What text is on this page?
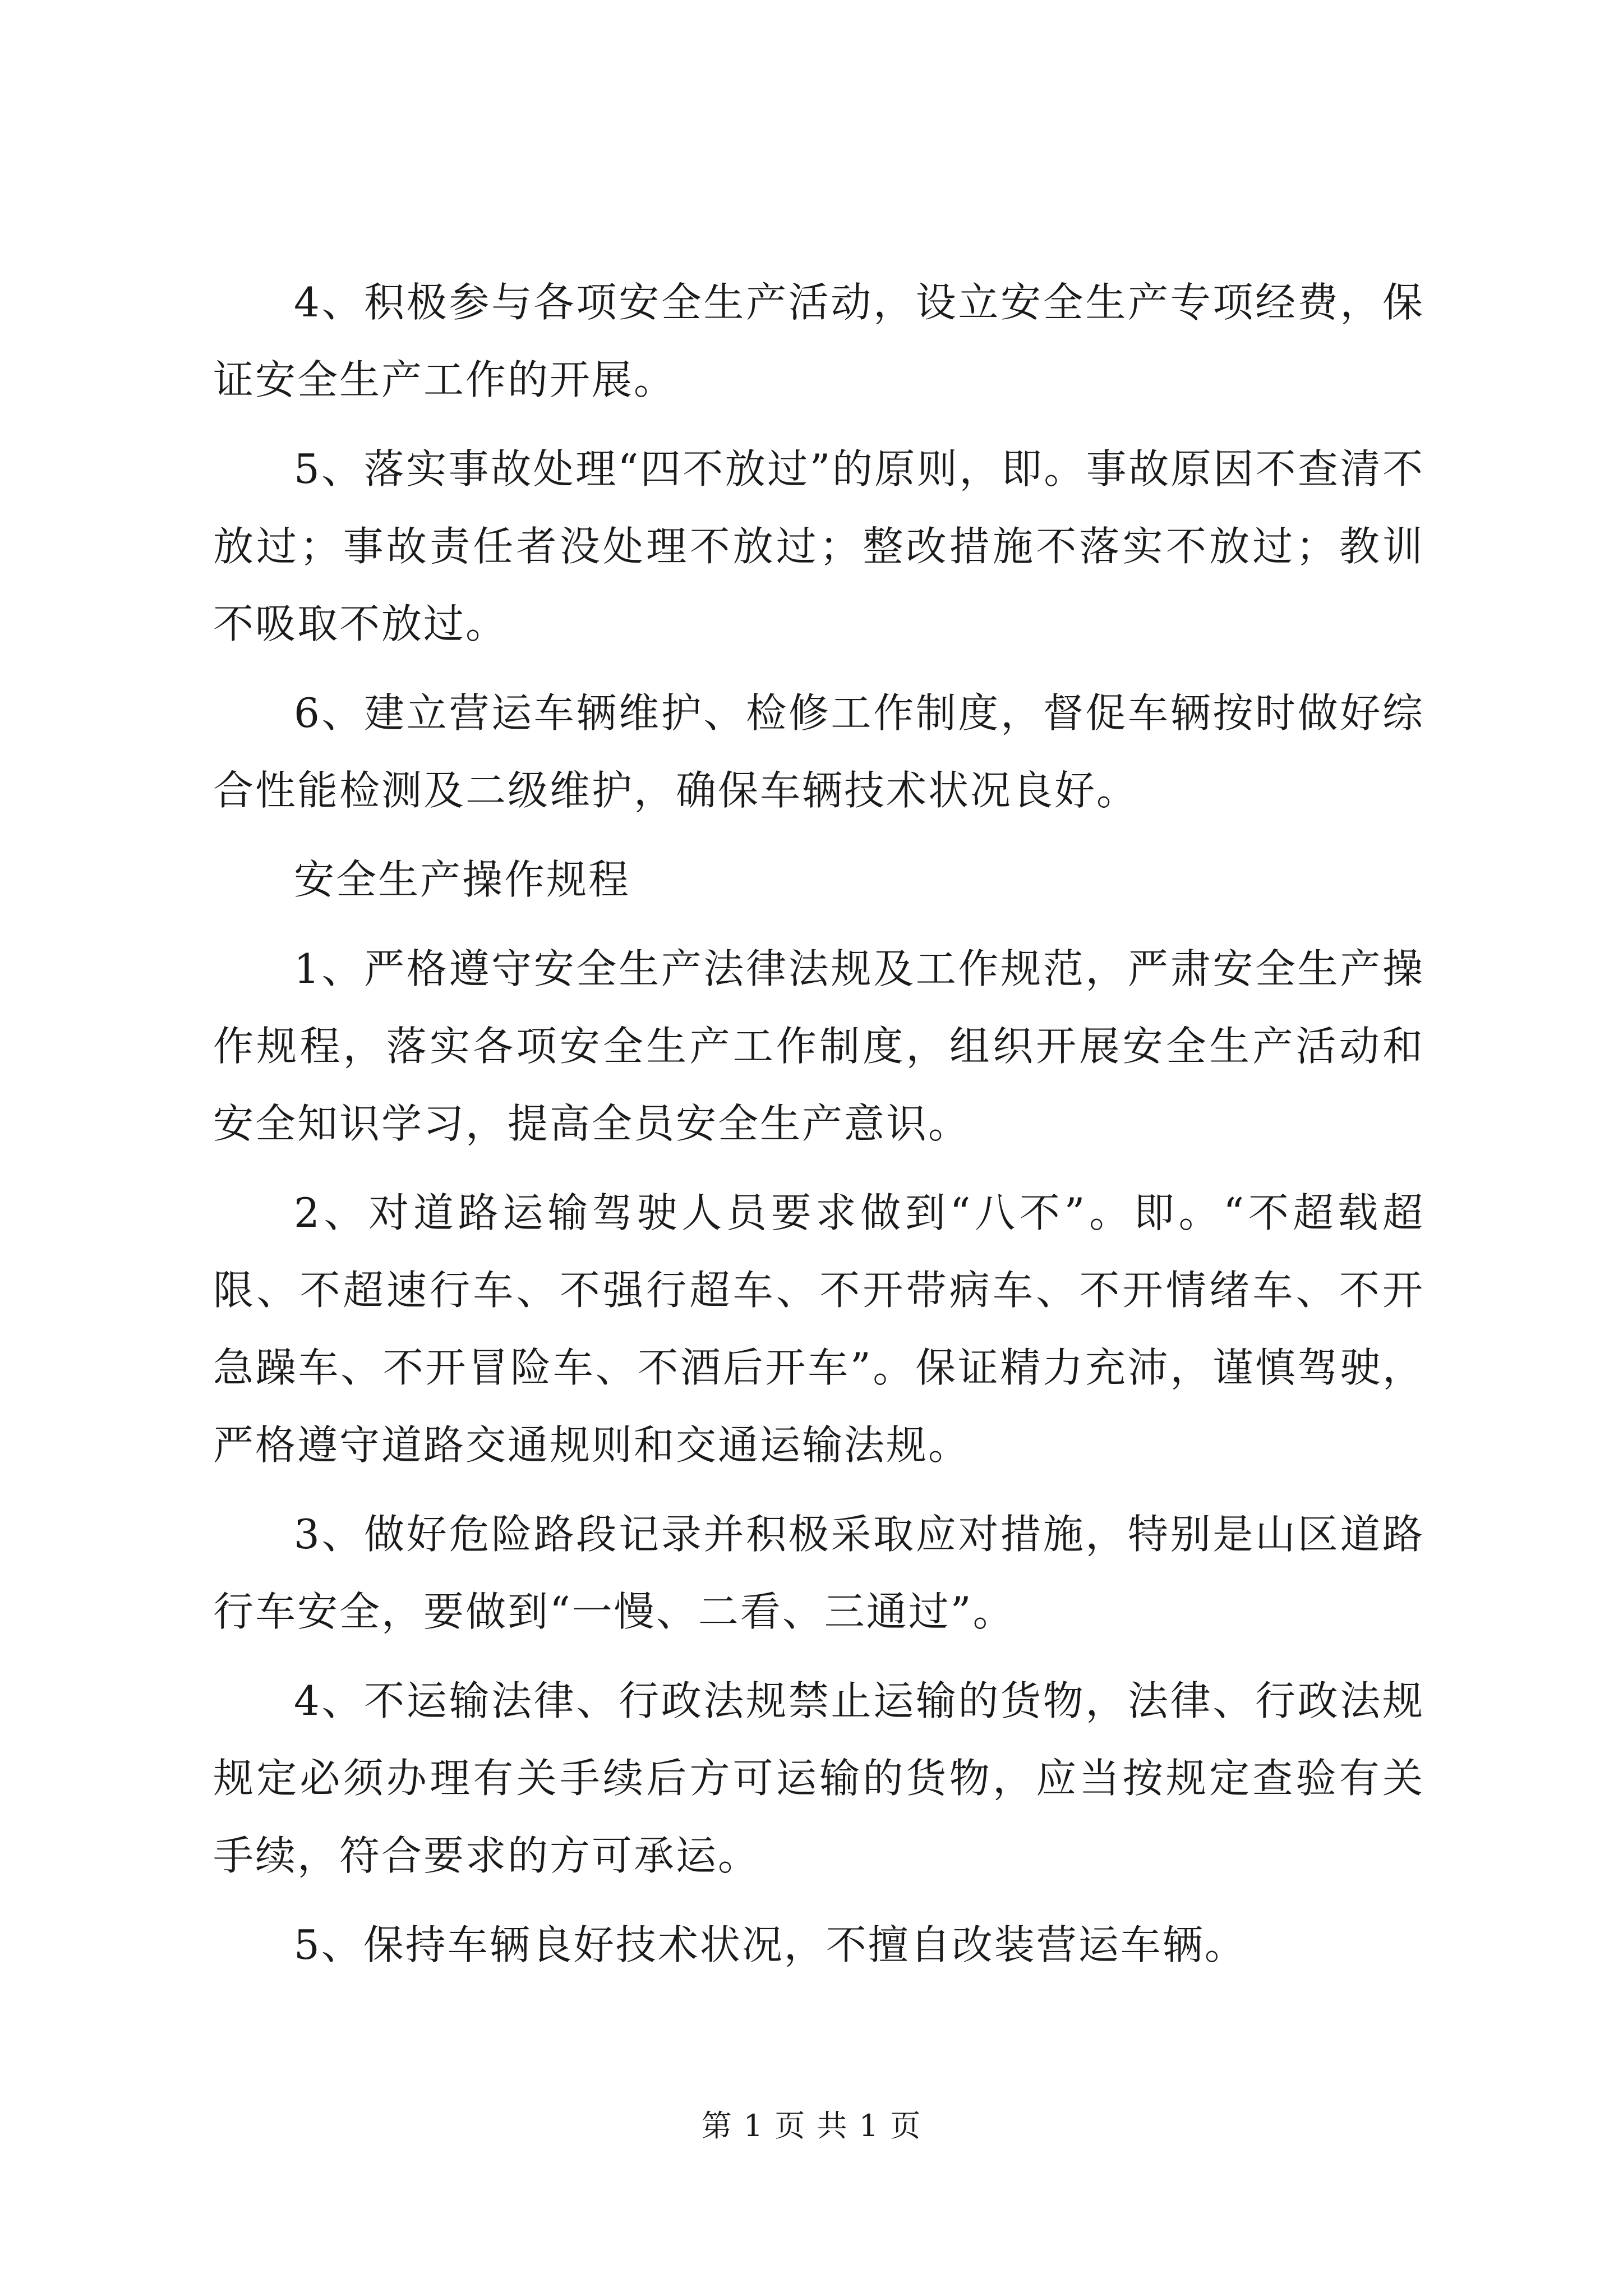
4、积极参与各项安全生产活动，设立安全生产专项经费，保证安全生产工作的开展。

5、落实事故处理“四不放过”的原则，即。事故原因不查清不放过；事故责任者没处理不放过；整改措施不落实不放过；教训不吸取不放过。

6、建立营运车辆维护、检修工作制度，督促车辆按时做好综合性能检测及二级维护，确保车辆技术状况良好。

安全生产操作规程

1、严格遵守安全生产法律法规及工作规范，严肃安全生产操作规程，落实各项安全生产工作制度，组织开展安全生产活动和安全知识学习，提高全员安全生产意识。

2、对道路运输驾驶人员要求做到“八不”。即。“不超载超限、不超速行车、不强行超车、不开带病车、不开情绪车、不开急躁车、不开冒险车、不酒后开车”。保证精力充沛，谨慎驾驶，严格遵守道路交通规则和交通运输法规。

3、做好危险路段记录并积极采取应对措施，特别是山区道路行车安全，要做到“一慢、二看、三通过”。

4、不运输法律、行政法规禁止运输的货物，法律、行政法规规定必须办理有关手续后方可运输的货物，应当按规定查验有关手续，符合要求的方可承运。

5、保持车辆良好技术状况，不擅自改装营运车辆。

第 1 页 共 1 页
